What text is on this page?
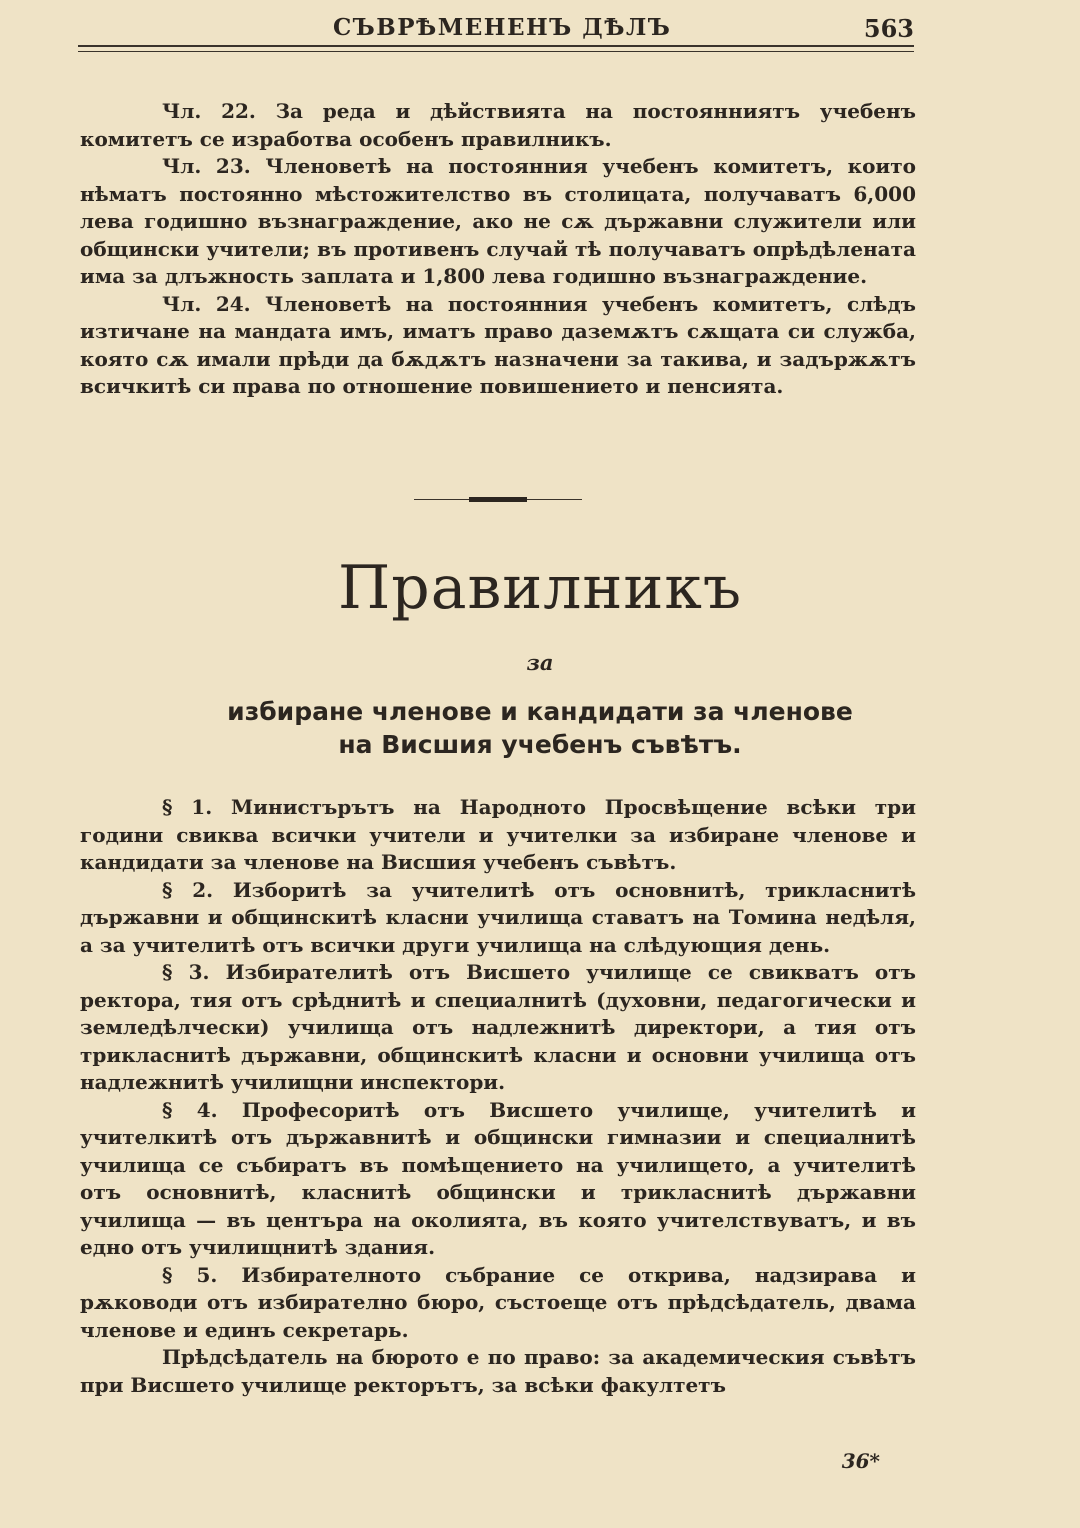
СЪВРѢМЕНЕНЪ ДѢЛЪ	563

Чл. 22. За реда и дѣйствията на постоянниятъ учебенъ комитетъ се изработва особенъ правилникъ.

Чл. 23. Членоветѣ на постоянния учебенъ комитетъ, които нѣматъ постоянно мѣстожителство въ столицата, получаватъ 6,000 лева годишно възнаграждение, ако не сѫ държавни служители или общински учители; въ противенъ случай тѣ получаватъ опрѣдѣлената има за длъжность заплата и 1,800 лева годишно възнаграждение.

Чл. 24. Членоветѣ на постоянния учебенъ комитетъ, слѣдъ изтичане на мандата имъ, иматъ право даземѫтъ сѫщата си служба, която сѫ имали прѣди да бѫдѫтъ назначени за такива, и задържѫтъ всичкитѣ си права по отношение повишението и пенсията.

Правилникъ
за
избиране членове и кандидати за членове
на Висшия учебенъ съвѣтъ.

§ 1. Министърътъ на Народното Просвѣщение всѣки три години свиква всички учители и учителки за избиране членове и кандидати за членове на Висшия учебенъ съвѣтъ.

§ 2. Изборитѣ за учителитѣ отъ основнитѣ, трикласнитѣ държавни и общинскитѣ класни училища ставатъ на Томина недѣля, а за учителитѣ отъ всички други училища на слѣдующия день.

§ 3. Избирателитѣ отъ Висшето училище се свикватъ отъ ректора, тия отъ срѣднитѣ и специалнитѣ (духовни, педагогически и земледѣлчески) училища отъ надлежнитѣ директори, а тия отъ трикласнитѣ държавни, общинскитѣ класни и основни училища отъ надлежнитѣ училищни инспектори.

§ 4. Професоритѣ отъ Висшето училище, учителитѣ и учителкитѣ отъ държавнитѣ и общински гимназии и специалнитѣ училища се събиратъ въ помѣщението на училището, а учителитѣ отъ основнитѣ, класнитѣ общински и трикласнитѣ държавни училища — въ центъра на околията, въ която учителствуватъ, и въ едно отъ училищнитѣ здания.

§ 5. Избирателното събрание се открива, надзирава и рѫководи отъ избирателно бюро, състоеще отъ прѣдсѣдатель, двама членове и единъ секретарь.

Прѣдсѣдатель на бюрото е по право: за академическия съвѣтъ при Висшето училище ректорътъ, за всѣки факултетъ

36*
